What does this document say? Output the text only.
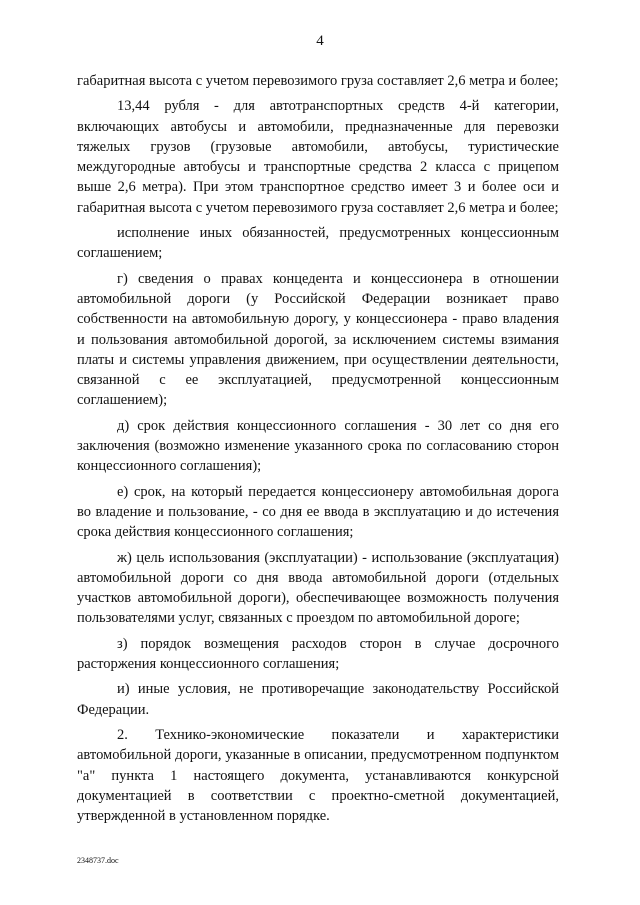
4

габаритная высота с учетом перевозимого груза составляет 2,6 метра и более;

13,44 рубля - для автотранспортных средств 4-й категории, включающих автобусы и автомобили, предназначенные для перевозки тяжелых грузов (грузовые автомобили, автобусы, туристические междугородные автобусы и транспортные средства 2 класса с прицепом выше 2,6 метра). При этом транспортное средство имеет 3 и более оси и габаритная высота с учетом перевозимого груза составляет 2,6 метра и более;

исполнение иных обязанностей, предусмотренных концессионным соглашением;

г) сведения о правах концедента и концессионера в отношении автомобильной дороги (у Российской Федерации возникает право собственности на автомобильную дорогу, у концессионера - право владения и пользования автомобильной дорогой, за исключением системы взимания платы и системы управления движением, при осуществлении деятельности, связанной с ее эксплуатацией, предусмотренной концессионным соглашением);

д) срок действия концессионного соглашения - 30 лет со дня его заключения (возможно изменение указанного срока по согласованию сторон концессионного соглашения);

е) срок, на который передается концессионеру автомобильная дорога во владение и пользование, - со дня ее ввода в эксплуатацию и до истечения срока действия концессионного соглашения;

ж) цель использования (эксплуатации) - использование (эксплуатация) автомобильной дороги со дня ввода автомобильной дороги (отдельных участков автомобильной дороги), обеспечивающее возможность получения пользователями услуг, связанных с проездом по автомобильной дороге;

з) порядок возмещения расходов сторон в случае досрочного расторжения концессионного соглашения;

и) иные условия, не противоречащие законодательству Российской Федерации.

2. Технико-экономические показатели и характеристики автомобильной дороги, указанные в описании, предусмотренном подпунктом "а" пункта 1 настоящего документа, устанавливаются конкурсной документацией в соответствии с проектно-сметной документацией, утвержденной в установленном порядке.

2348737.doc
